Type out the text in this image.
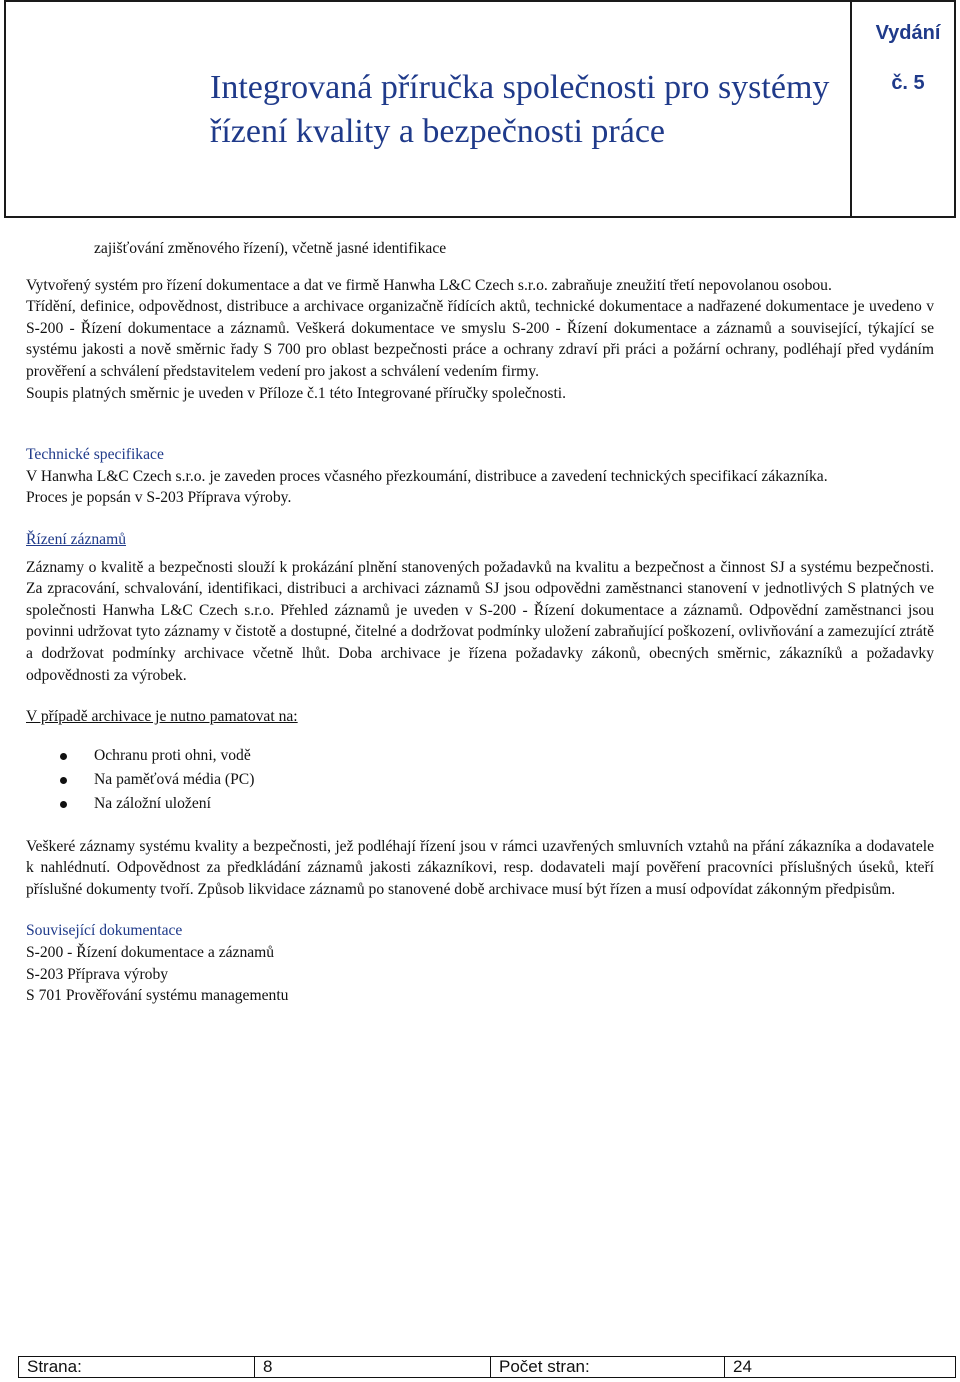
Integrovaná příručka společnosti pro systémy řízení kvality a bezpečnosti práce
Vydání
č. 5

zajišťování změnového řízení), včetně jasné identifikace

Vytvořený systém pro řízení dokumentace a dat ve firmě Hanwha L&C Czech s.r.o. zabraňuje zneužití třetí nepovolanou osobou.

Třídění, definice, odpovědnost, distribuce a archivace organizačně řídících aktů, technické dokumentace a nadřazené dokumentace je uvedeno v S-200 - Řízení dokumentace a záznamů. Veškerá dokumentace ve smyslu S-200 - Řízení dokumentace a záznamů a související, týkající se systému jakosti a nově směrnic řady S 700 pro oblast bezpečnosti práce a ochrany zdraví při práci a požární ochrany, podléhají před vydáním prověření a schválení představitelem vedení pro jakost a schválení vedením firmy.

Soupis platných směrnic je uveden v Příloze č.1 této Integrované příručky společnosti.

Technické specifikace

V Hanwha L&C Czech s.r.o. je zaveden proces včasného přezkoumání, distribuce a zavedení technických specifikací zákazníka.

Proces je popsán v S-203 Příprava výroby.

Řízení záznamů

Záznamy o kvalitě a bezpečnosti slouží k prokázání plnění stanovených požadavků na kvalitu a bezpečnost a činnost SJ a systému bezpečnosti. Za zpracování, schvalování, identifikaci, distribuci a archivaci záznamů SJ jsou odpovědni zaměstnanci stanovení v jednotlivých S platných ve společnosti Hanwha L&C Czech s.r.o. Přehled záznamů je uveden v S-200 - Řízení dokumentace a záznamů. Odpovědní zaměstnanci jsou povinni udržovat tyto záznamy v čistotě a dostupné, čitelné a dodržovat podmínky uložení zabraňující poškození, ovlivňování a zamezující ztrátě a dodržovat podmínky archivace včetně lhůt. Doba archivace je řízena požadavky zákonů, obecných směrnic, zákazníků a požadavky odpovědnosti za výrobek.

V případě archivace je nutno pamatovat na:

Ochranu proti ohni, vodě
Na paměťová média (PC)
Na záložní uložení

Veškeré záznamy systému kvality a bezpečnosti, jež podléhají řízení jsou v rámci uzavřených smluvních vztahů na přání zákazníka a dodavatele k nahlédnutí. Odpovědnost za předkládání záznamů jakosti zákazníkovi, resp. dodavateli mají pověření pracovníci příslušných úseků, kteří příslušné dokumenty tvoří. Způsob likvidace záznamů po stanovené době archivace musí být řízen a musí odpovídat zákonným předpisům.

Související dokumentace

S-200 - Řízení dokumentace a záznamů

S-203 Příprava výroby

S 701 Prověřování systému managementu

Strana:	8	Počet stran:	24
